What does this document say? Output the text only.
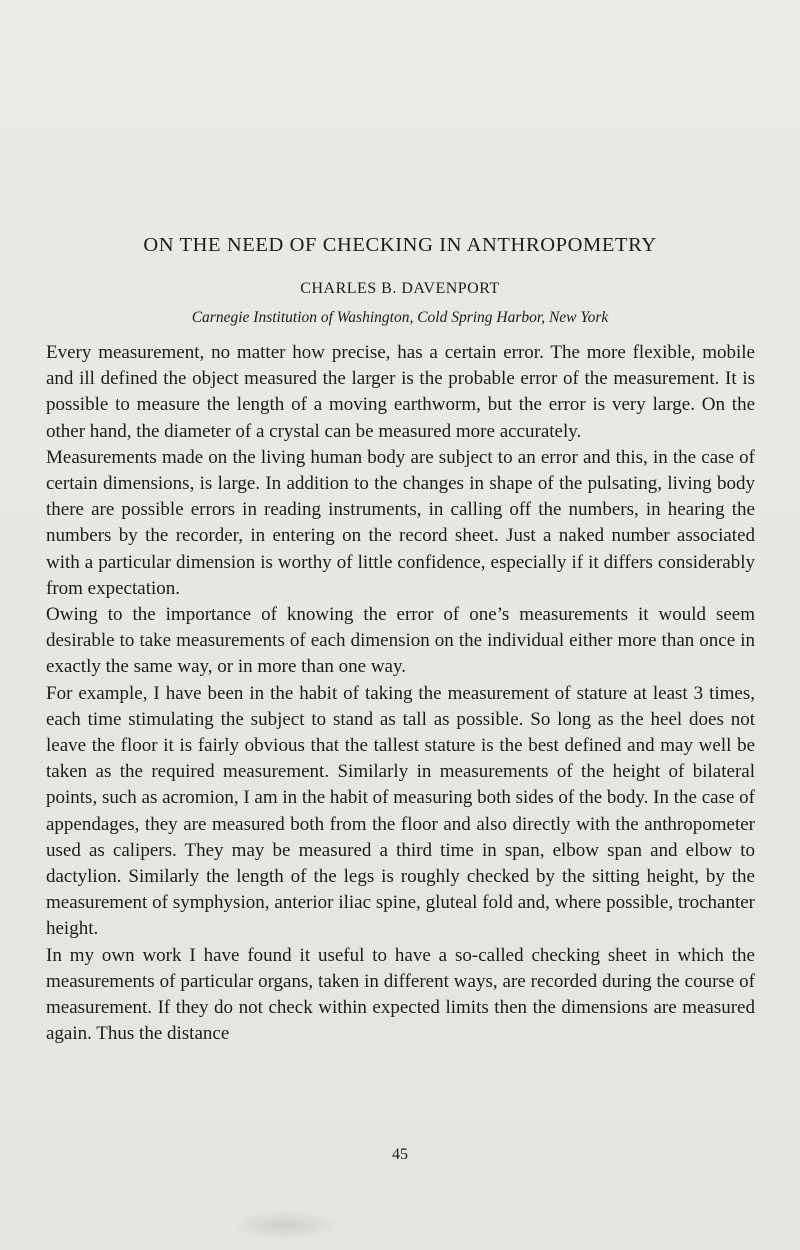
ON THE NEED OF CHECKING IN ANTHROPOMETRY

CHARLES B. DAVENPORT

Carnegie Institution of Washington, Cold Spring Harbor, New York

Every measurement, no matter how precise, has a certain error. The more flexible, mobile and ill defined the object measured the larger is the probable error of the measurement. It is possible to measure the length of a moving earthworm, but the error is very large. On the other hand, the diameter of a crystal can be measured more accurately.

Measurements made on the living human body are subject to an error and this, in the case of certain dimensions, is large. In addition to the changes in shape of the pulsating, living body there are possible errors in reading instruments, in calling off the numbers, in hearing the numbers by the recorder, in entering on the record sheet. Just a naked number associated with a particular dimension is worthy of little confidence, especially if it differs considerably from expectation.

Owing to the importance of knowing the error of one’s measurements it would seem desirable to take measurements of each dimension on the individual either more than once in exactly the same way, or in more than one way.

For example, I have been in the habit of taking the measurement of stature at least 3 times, each time stimulating the subject to stand as tall as possible. So long as the heel does not leave the floor it is fairly obvious that the tallest stature is the best defined and may well be taken as the required measurement. Similarly in measurements of the height of bilateral points, such as acromion, I am in the habit of measuring both sides of the body. In the case of appendages, they are measured both from the floor and also directly with the anthropometer used as calipers. They may be measured a third time in span, elbow span and elbow to dactylion. Similarly the length of the legs is roughly checked by the sitting height, by the measurement of symphysion, anterior iliac spine, gluteal fold and, where possible, trochanter height.

In my own work I have found it useful to have a so-called checking sheet in which the measurements of particular organs, taken in different ways, are recorded during the course of measurement. If they do not check within expected limits then the dimensions are measured again. Thus the distance

45
